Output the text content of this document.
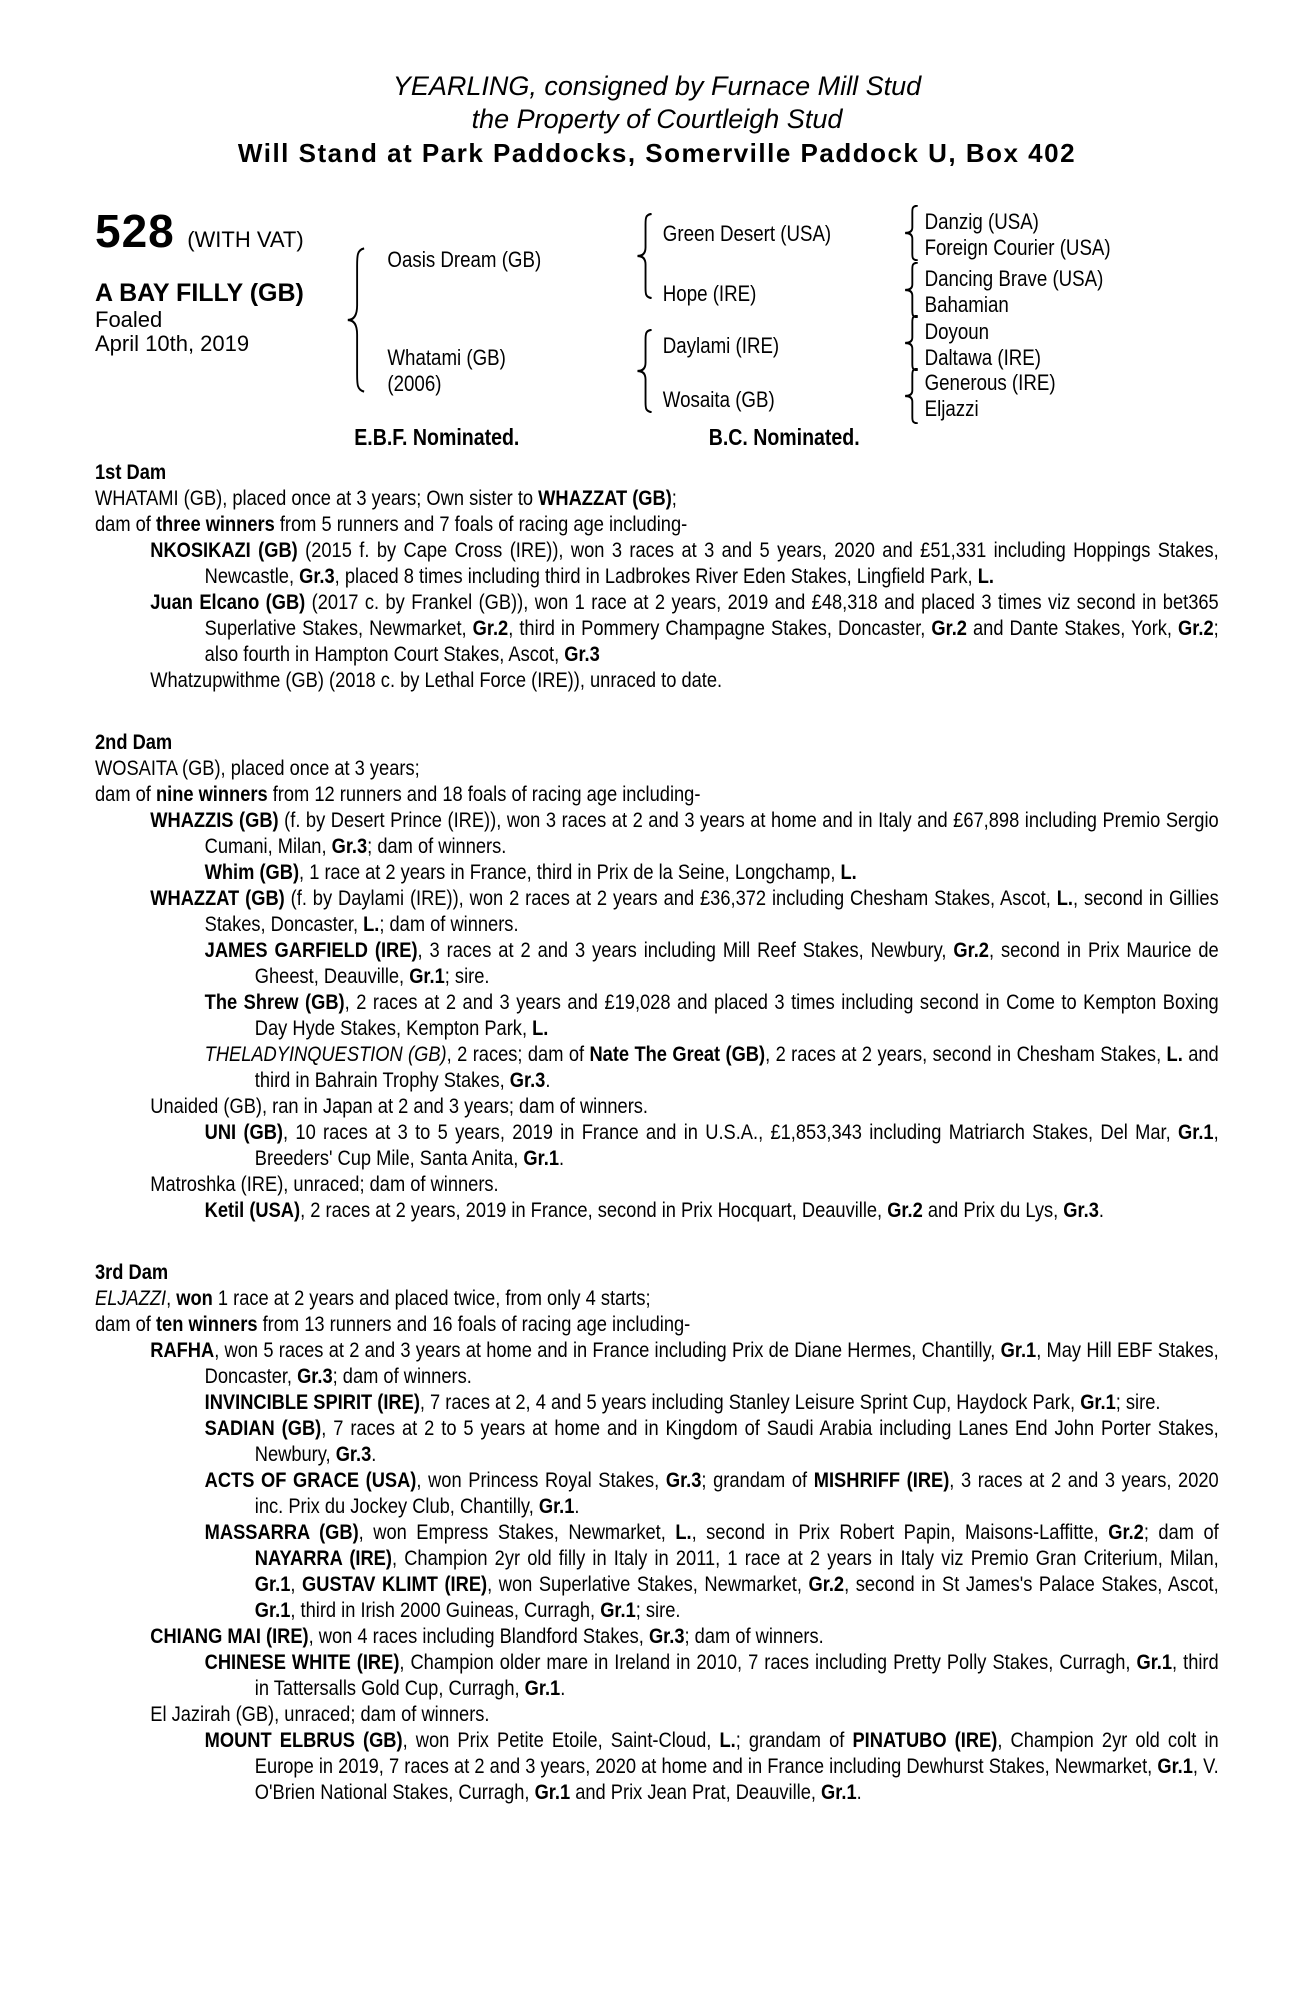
YEARLING, consigned by Furnace Mill Stud
the Property of Courtleigh Stud
Will Stand at Park Paddocks, Somerville Paddock U, Box 402
528 (WITH VAT)
A BAY FILLY (GB)
Foaled
April 10th, 2019
Oasis Dream (GB)
Whatami (GB)
(2006)
Green Desert (USA)
Hope (IRE)
Daylami (IRE)
Wosaita (GB)
Danzig (USA)
Foreign Courier (USA)
Dancing Brave (USA)
Bahamian
Doyoun
Daltawa (IRE)
Generous (IRE)
Eljazzi
E.B.F. Nominated.	B.C. Nominated.
1st Dam

WHATAMI (GB), placed once at 3 years; Own sister to WHAZZAT (GB);

dam of three winners from 5 runners and 7 foals of racing age including-

NKOSIKAZI (GB) (2015 f. by Cape Cross (IRE)), won 3 races at 3 and 5 years, 2020 and £51,331 including Hoppings Stakes, Newcastle, Gr.3, placed 8 times including third in Ladbrokes River Eden Stakes, Lingfield Park, L.

Juan Elcano (GB) (2017 c. by Frankel (GB)), won 1 race at 2 years, 2019 and £48,318 and placed 3 times viz second in bet365 Superlative Stakes, Newmarket, Gr.2, third in Pommery Champagne Stakes, Doncaster, Gr.2 and Dante Stakes, York, Gr.2; also fourth in Hampton Court Stakes, Ascot, Gr.3

Whatzupwithme (GB) (2018 c. by Lethal Force (IRE)), unraced to date.

2nd Dam

WOSAITA (GB), placed once at 3 years;

dam of nine winners from 12 runners and 18 foals of racing age including-

WHAZZIS (GB) (f. by Desert Prince (IRE)), won 3 races at 2 and 3 years at home and in Italy and £67,898 including Premio Sergio Cumani, Milan, Gr.3; dam of winners.

Whim (GB), 1 race at 2 years in France, third in Prix de la Seine, Longchamp, L.

WHAZZAT (GB) (f. by Daylami (IRE)), won 2 races at 2 years and £36,372 including Chesham Stakes, Ascot, L., second in Gillies Stakes, Doncaster, L.; dam of winners.

JAMES GARFIELD (IRE), 3 races at 2 and 3 years including Mill Reef Stakes, Newbury, Gr.2, second in Prix Maurice de Gheest, Deauville, Gr.1; sire.

The Shrew (GB), 2 races at 2 and 3 years and £19,028 and placed 3 times including second in Come to Kempton Boxing Day Hyde Stakes, Kempton Park, L.

THELADYINQUESTION (GB), 2 races; dam of Nate The Great (GB), 2 races at 2 years, second in Chesham Stakes, L. and third in Bahrain Trophy Stakes, Gr.3.

Unaided (GB), ran in Japan at 2 and 3 years; dam of winners.

UNI (GB), 10 races at 3 to 5 years, 2019 in France and in U.S.A., £1,853,343 including Matriarch Stakes, Del Mar, Gr.1, Breeders' Cup Mile, Santa Anita, Gr.1.

Matroshka (IRE), unraced; dam of winners.

Ketil (USA), 2 races at 2 years, 2019 in France, second in Prix Hocquart, Deauville, Gr.2 and Prix du Lys, Gr.3.

3rd Dam

ELJAZZI, won 1 race at 2 years and placed twice, from only 4 starts;

dam of ten winners from 13 runners and 16 foals of racing age including-

RAFHA, won 5 races at 2 and 3 years at home and in France including Prix de Diane Hermes, Chantilly, Gr.1, May Hill EBF Stakes, Doncaster, Gr.3; dam of winners.

INVINCIBLE SPIRIT (IRE), 7 races at 2, 4 and 5 years including Stanley Leisure Sprint Cup, Haydock Park, Gr.1; sire.

SADIAN (GB), 7 races at 2 to 5 years at home and in Kingdom of Saudi Arabia including Lanes End John Porter Stakes, Newbury, Gr.3.

ACTS OF GRACE (USA), won Princess Royal Stakes, Gr.3; grandam of MISHRIFF (IRE), 3 races at 2 and 3 years, 2020 inc. Prix du Jockey Club, Chantilly, Gr.1.

MASSARRA (GB), won Empress Stakes, Newmarket, L., second in Prix Robert Papin, Maisons-Laffitte, Gr.2; dam of NAYARRA (IRE), Champion 2yr old filly in Italy in 2011, 1 race at 2 years in Italy viz Premio Gran Criterium, Milan, Gr.1, GUSTAV KLIMT (IRE), won Superlative Stakes, Newmarket, Gr.2, second in St James's Palace Stakes, Ascot, Gr.1, third in Irish 2000 Guineas, Curragh, Gr.1; sire.

CHIANG MAI (IRE), won 4 races including Blandford Stakes, Gr.3; dam of winners.

CHINESE WHITE (IRE), Champion older mare in Ireland in 2010, 7 races including Pretty Polly Stakes, Curragh, Gr.1, third in Tattersalls Gold Cup, Curragh, Gr.1.

El Jazirah (GB), unraced; dam of winners.

MOUNT ELBRUS (GB), won Prix Petite Etoile, Saint-Cloud, L.; grandam of PINATUBO (IRE), Champion 2yr old colt in Europe in 2019, 7 races at 2 and 3 years, 2020 at home and in France including Dewhurst Stakes, Newmarket, Gr.1, V. O'Brien National Stakes, Curragh, Gr.1 and Prix Jean Prat, Deauville, Gr.1.
